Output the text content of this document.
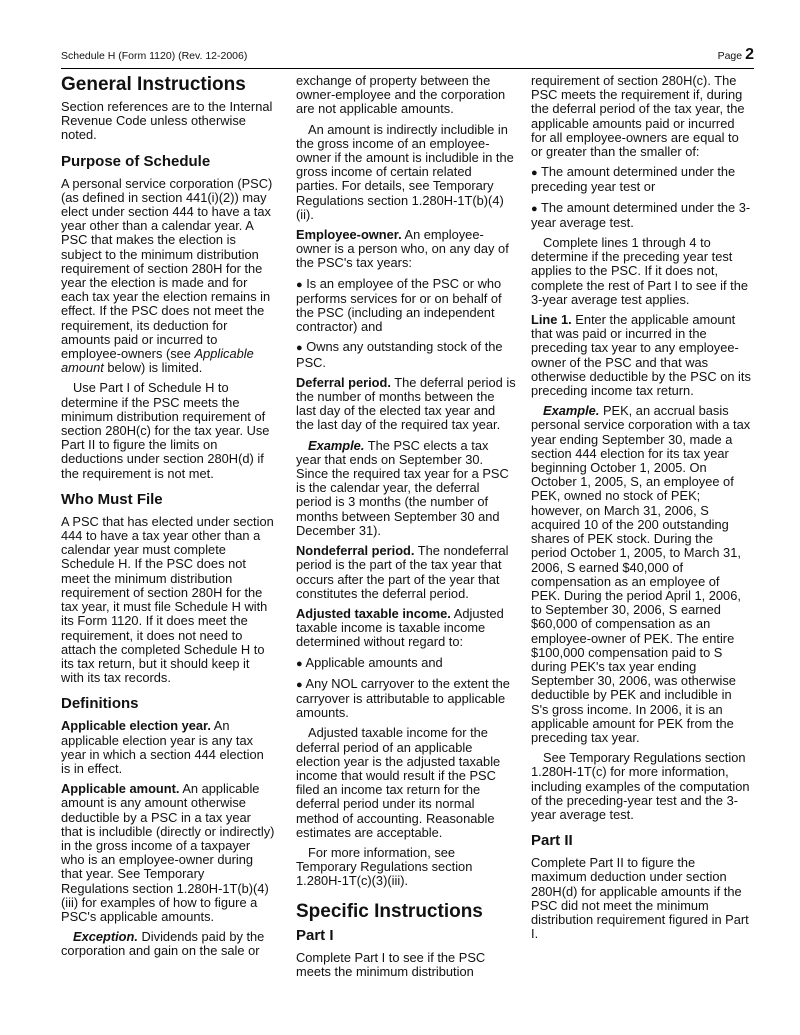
Schedule H (Form 1120) (Rev. 12-2006)	Page 2
General Instructions

Section references are to the Internal Revenue Code unless otherwise noted.

Purpose of Schedule

A personal service corporation (PSC) (as defined in section 441(i)(2)) may elect under section 444 to have a tax year other than a calendar year. A PSC that makes the election is subject to the minimum distribution requirement of section 280H for the year the election is made and for each tax year the election remains in effect. If the PSC does not meet the requirement, its deduction for amounts paid or incurred to employee-owners (see Applicable amount below) is limited.

Use Part I of Schedule H to determine if the PSC meets the minimum distribution requirement of section 280H(c) for the tax year. Use Part II to figure the limits on deductions under section 280H(d) if the requirement is not met.

Who Must File

A PSC that has elected under section 444 to have a tax year other than a calendar year must complete Schedule H. If the PSC does not meet the minimum distribution requirement of section 280H for the tax year, it must file Schedule H with its Form 1120. If it does meet the requirement, it does not need to attach the completed Schedule H to its tax return, but it should keep it with its tax records.

Definitions

Applicable election year. An applicable election year is any tax year in which a section 444 election is in effect.

Applicable amount. An applicable amount is any amount otherwise deductible by a PSC in a tax year that is includible (directly or indirectly) in the gross income of a taxpayer who is an employee-owner during that year. See Temporary Regulations section 1.280H-1T(b)(4)(iii) for examples of how to figure a PSC's applicable amounts.

Exception. Dividends paid by the corporation and gain on the sale or

exchange of property between the owner-employee and the corporation are not applicable amounts.

An amount is indirectly includible in the gross income of an employee-owner if the amount is includible in the gross income of certain related parties. For details, see Temporary Regulations section 1.280H-1T(b)(4)(ii).

Employee-owner. An employee-owner is a person who, on any day of the PSC's tax years:

● Is an employee of the PSC or who performs services for or on behalf of the PSC (including an independent contractor) and

● Owns any outstanding stock of the PSC.

Deferral period. The deferral period is the number of months between the last day of the elected tax year and the last day of the required tax year.

Example. The PSC elects a tax year that ends on September 30. Since the required tax year for a PSC is the calendar year, the deferral period is 3 months (the number of months between September 30 and December 31).

Nondeferral period. The nondeferral period is the part of the tax year that occurs after the part of the year that constitutes the deferral period.

Adjusted taxable income. Adjusted taxable income is taxable income determined without regard to:

● Applicable amounts and

● Any NOL carryover to the extent the carryover is attributable to applicable amounts.

Adjusted taxable income for the deferral period of an applicable election year is the adjusted taxable income that would result if the PSC filed an income tax return for the deferral period under its normal method of accounting. Reasonable estimates are acceptable.

For more information, see Temporary Regulations section 1.280H-1T(c)(3)(iii).

Specific Instructions
Part I

Complete Part I to see if the PSC meets the minimum distribution

requirement of section 280H(c). The PSC meets the requirement if, during the deferral period of the tax year, the applicable amounts paid or incurred for all employee-owners are equal to or greater than the smaller of:

● The amount determined under the preceding year test or

● The amount determined under the 3-year average test.

Complete lines 1 through 4 to determine if the preceding year test applies to the PSC. If it does not, complete the rest of Part I to see if the 3-year average test applies.

Line 1. Enter the applicable amount that was paid or incurred in the preceding tax year to any employee-owner of the PSC and that was otherwise deductible by the PSC on its preceding income tax return.

Example. PEK, an accrual basis personal service corporation with a tax year ending September 30, made a section 444 election for its tax year beginning October 1, 2005. On October 1, 2005, S, an employee of PEK, owned no stock of PEK; however, on March 31, 2006, S acquired 10 of the 200 outstanding shares of PEK stock. During the period October 1, 2005, to March 31, 2006, S earned $40,000 of compensation as an employee of PEK. During the period April 1, 2006, to September 30, 2006, S earned $60,000 of compensation as an employee-owner of PEK. The entire $100,000 compensation paid to S during PEK's tax year ending September 30, 2006, was otherwise deductible by PEK and includible in S's gross income. In 2006, it is an applicable amount for PEK from the preceding tax year.

See Temporary Regulations section 1.280H-1T(c) for more information, including examples of the computation of the preceding-year test and the 3-year average test.

Part II

Complete Part II to figure the maximum deduction under section 280H(d) for applicable amounts if the PSC did not meet the minimum distribution requirement figured in Part I.
